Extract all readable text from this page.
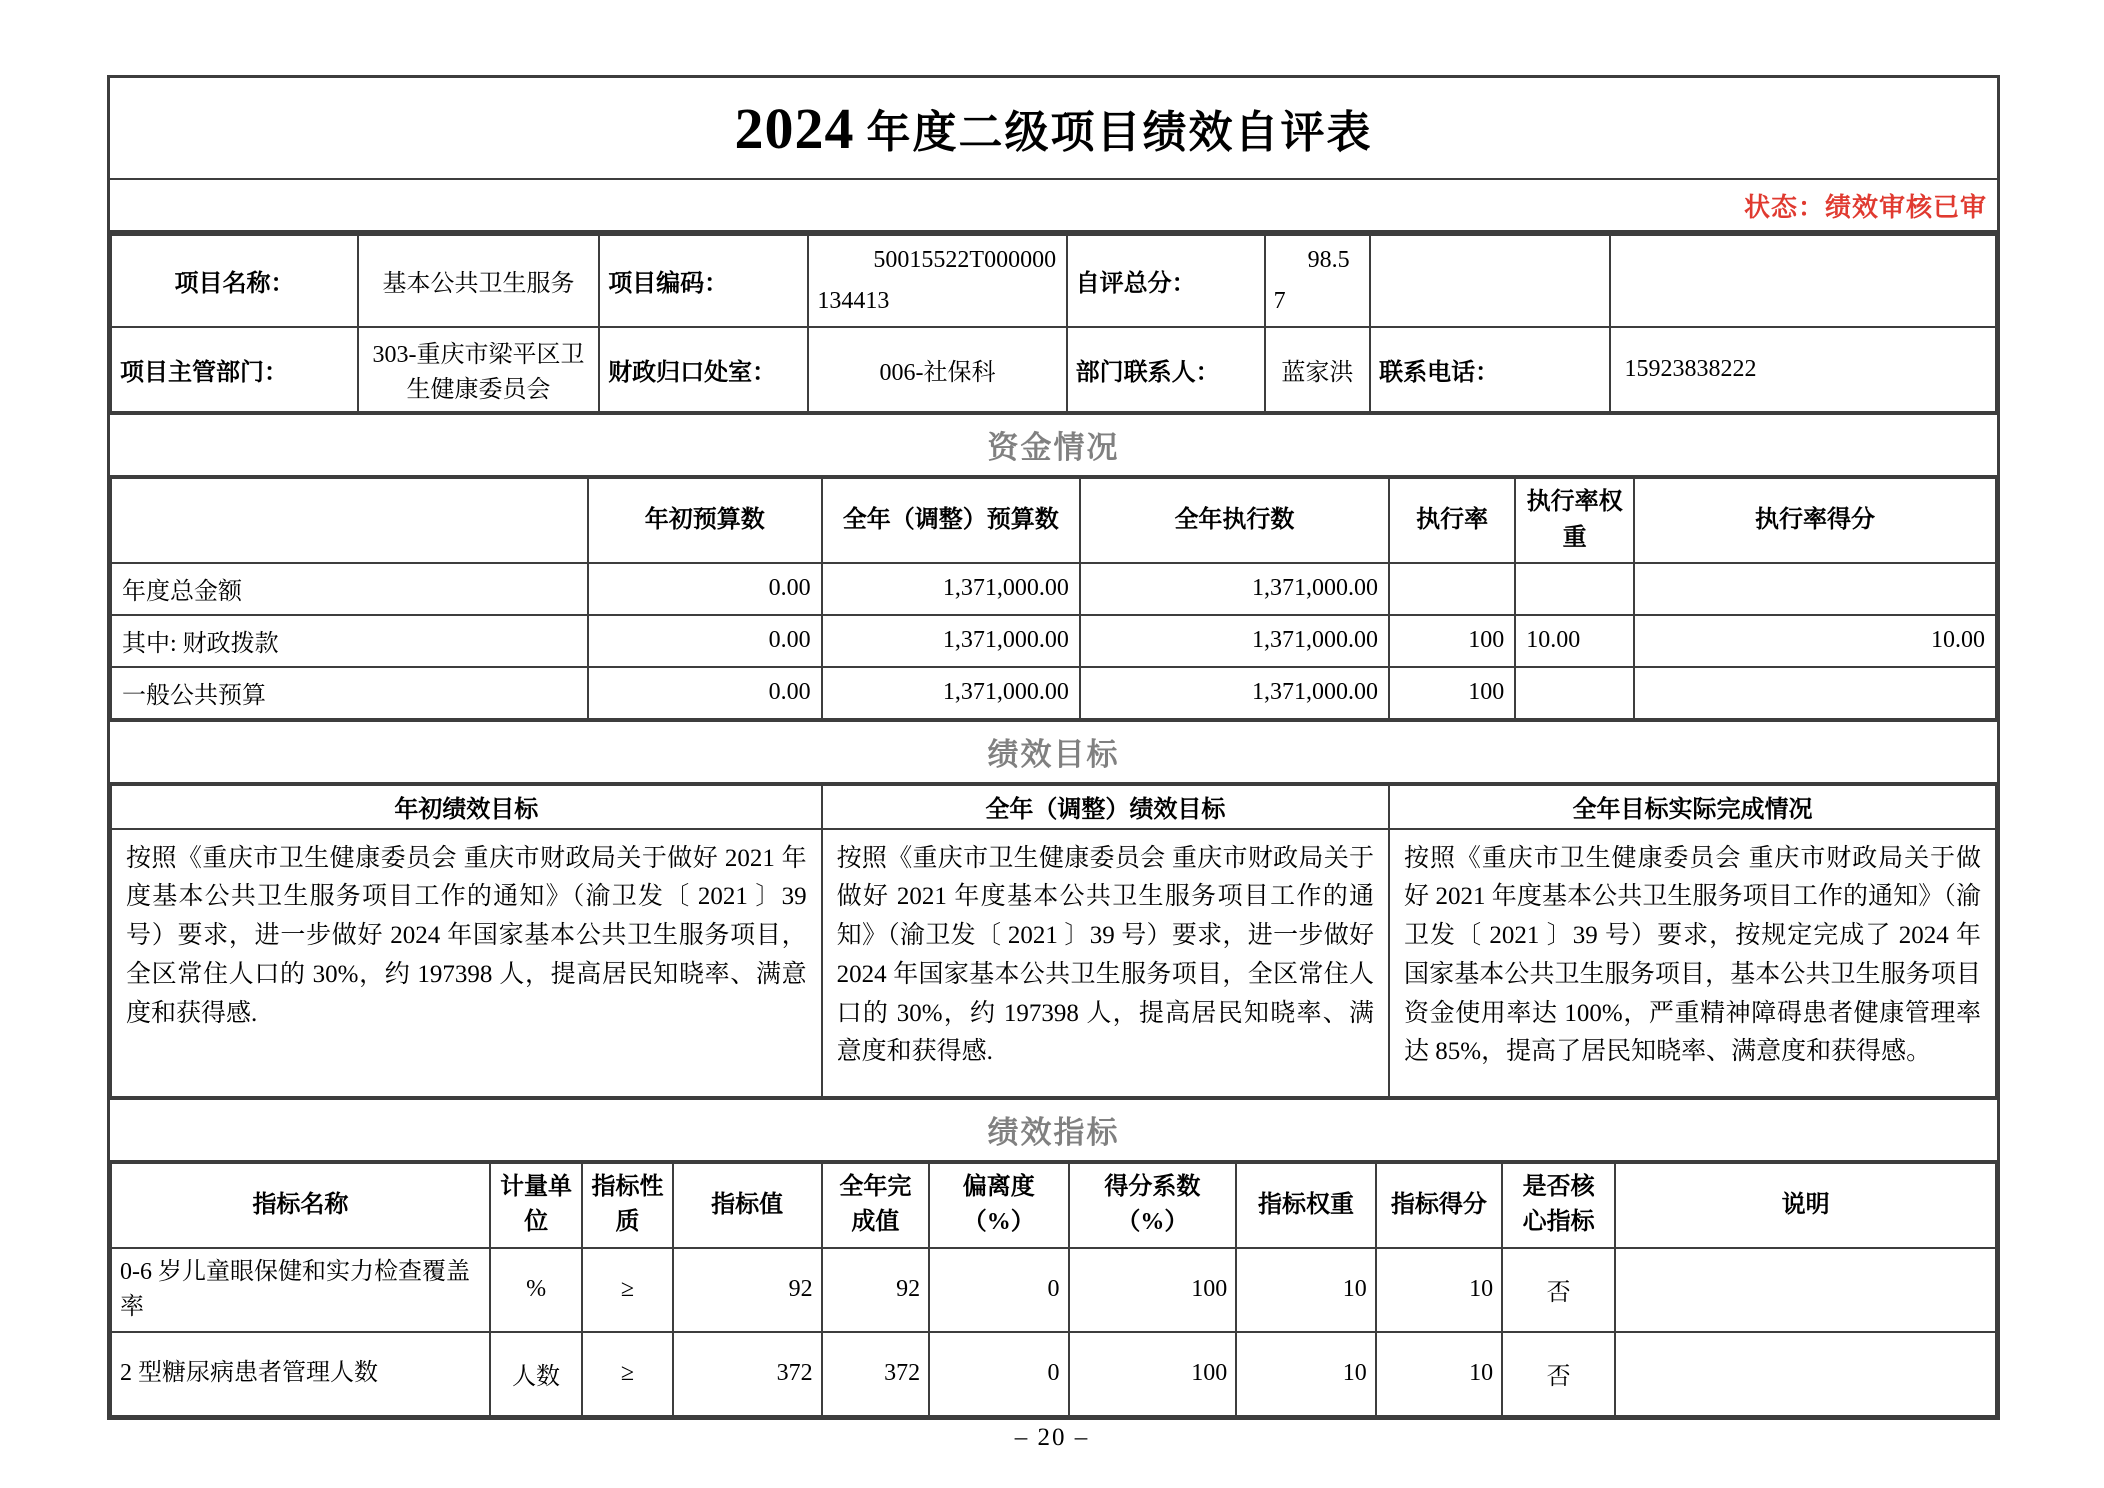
2024 年度二级项目绩效自评表
状态：绩效审核已审
项目名称：	基本公共卫生服务	项目编码：	50015522T000000134413	自评总分：	98.57		
项目主管部门：	303-重庆市梁平区卫生健康委员会	财政归口处室：	006-社保科	部门联系人：	蓝家洪	联系电话：	15923838222
资金情况
	年初预算数	全年（调整）预算数	全年执行数	执行率	执行率权重	执行率得分
年度总金额	0.00	1,371,000.00	1,371,000.00			
其中: 财政拨款	0.00	1,371,000.00	1,371,000.00	100	10.00	10.00
一般公共预算	0.00	1,371,000.00	1,371,000.00	100		
绩效目标
年初绩效目标	全年（调整）绩效目标	全年目标实际完成情况
按照《重庆市卫生健康委员会 重庆市财政局关于做好 2021 年度基本公共卫生服务项目工作的通知》（渝卫发〔 2021 〕39 号）要求，进一步做好 2024 年国家基本公共卫生服务项目，全区常住人口的 30%，约 197398 人，提高居民知晓率、满意度和获得感.	按照《重庆市卫生健康委员会 重庆市财政局关于做好 2021 年度基本公共卫生服务项目工作的通知》（渝卫发〔 2021 〕39 号）要求，进一步做好 2024 年国家基本公共卫生服务项目，全区常住人口的 30%，约 197398 人，提高居民知晓率、满意度和获得感.	按照《重庆市卫生健康委员会 重庆市财政局关于做好 2021 年度基本公共卫生服务项目工作的通知》（渝卫发〔 2021 〕39 号）要求，按规定完成了 2024 年国家基本公共卫生服务项目，基本公共卫生服务项目资金使用率达 100%，严重精神障碍患者健康管理率达 85%，提高了居民知晓率、满意度和获得感。
绩效指标
指标名称	计量单位	指标性质	指标值	全年完成值	偏离度（%）	得分系数（%）	指标权重	指标得分	是否核心指标	说明
0-6 岁儿童眼保健和实力检查覆盖率	%	≥	92	92	0	100	10	10	否	
2 型糖尿病患者管理人数	人数	≥	372	372	0	100	10	10	否	
– 20 –
